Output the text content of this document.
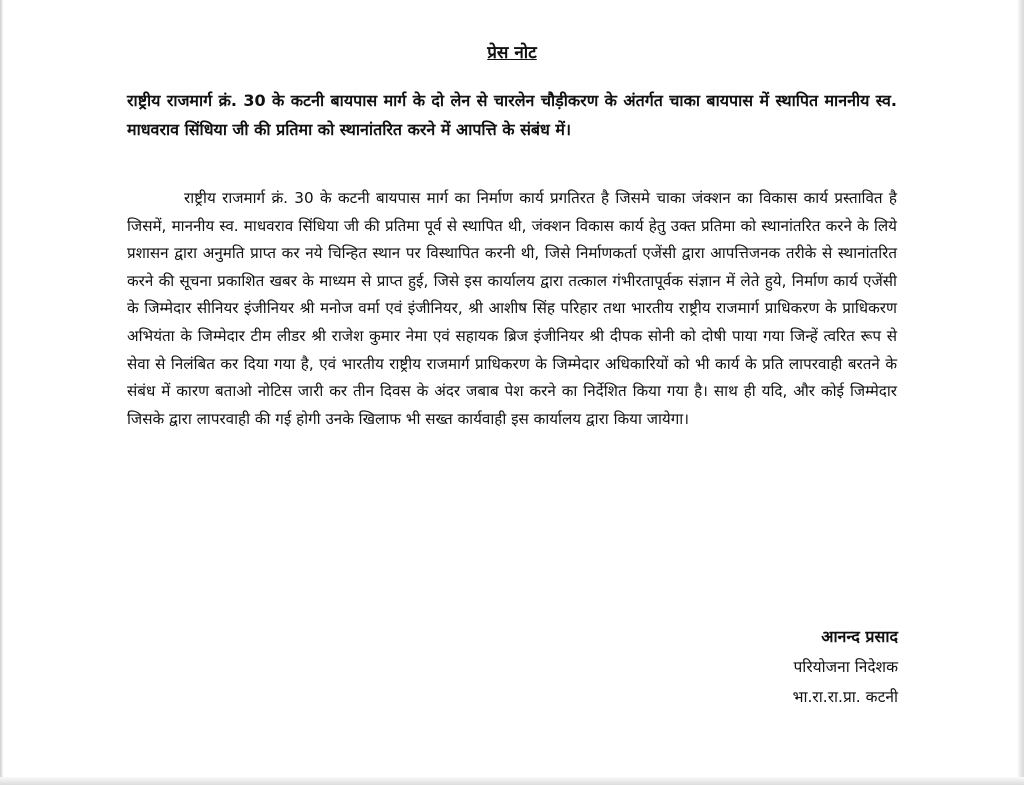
प्रेस नोट
राष्ट्रीय राजमार्ग क्रं. 30 के कटनी बायपास मार्ग के दो लेन से चारलेन चौड़ीकरण के अंतर्गत चाका बायपास में स्थापित माननीय स्व. माधवराव सिंधिया जी की प्रतिमा को स्थानांतरित करने में आपत्ति के संबंध में।
राष्ट्रीय राजमार्ग क्रं. 30 के कटनी बायपास मार्ग का निर्माण कार्य प्रगतिरत है जिसमे चाका जंक्शन का विकास कार्य प्रस्तावित है जिसमें, माननीय स्व. माधवराव सिंधिया जी की प्रतिमा पूर्व से स्थापित थी, जंक्शन विकास कार्य हेतु उक्त प्रतिमा को स्थानांतरित करने के लिये प्रशासन द्वारा अनुमति प्राप्त कर नये चिन्हित स्थान पर विस्थापित करनी थी, जिसे निर्माणकर्ता एजेंसी द्वारा आपत्तिजनक तरीके से स्थानांतरित करने की सूचना प्रकाशित खबर के माध्यम से प्राप्त हुई, जिसे इस कार्यालय द्वारा तत्काल गंभीरतापूर्वक संज्ञान में लेते हुये, निर्माण कार्य एजेंसी के जिम्मेदार सीनियर इंजीनियर श्री मनोज वर्मा एवं इंजीनियर, श्री आशीष सिंह परिहार तथा भारतीय राष्ट्रीय राजमार्ग प्राधिकरण के प्राधिकरण अभियंता के जिम्मेदार टीम लीडर श्री राजेश कुमार नेमा एवं सहायक ब्रिज इंजीनियर श्री दीपक सोनी को दोषी पाया गया जिन्हें त्वरित रूप से सेवा से निलंबित कर दिया गया है, एवं भारतीय राष्ट्रीय राजमार्ग प्राधिकरण के जिम्मेदार अधिकारियों को भी कार्य के प्रति लापरवाही बरतने के संबंध में कारण बताओ नोटिस जारी कर तीन दिवस के अंदर जबाब पेश करने का निर्देशित किया गया है। साथ ही यदि, और कोई जिम्मेदार जिसके द्वारा लापरवाही की गई होगी उनके खिलाफ भी सख्त कार्यवाही इस कार्यालय द्वारा किया जायेगा।
आनन्द प्रसाद
परियोजना निदेशक
भा.रा.रा.प्रा. कटनी
